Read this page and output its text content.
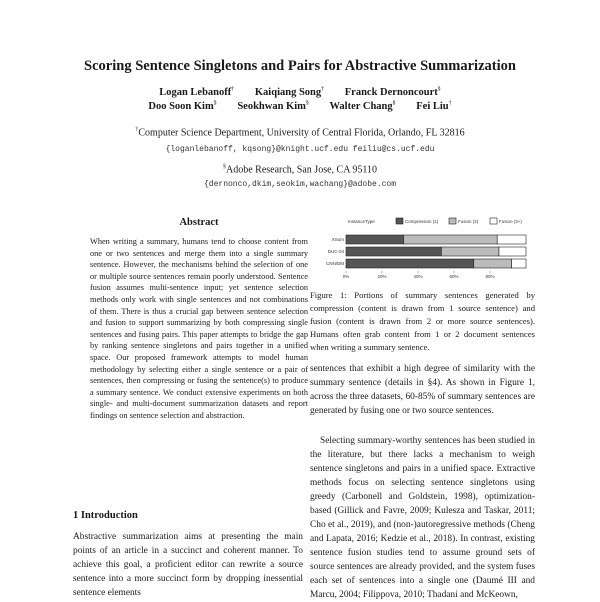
Scoring Sentence Singletons and Pairs for Abstractive Summarization
Logan Lebanoff† Kaiqiang Song† Franck Dernoncourt§
Doo Soon Kim§ Seokhwan Kim§ Walter Chang§ Fei Liu†
†Computer Science Department, University of Central Florida, Orlando, FL 32816
{loganlebanoff, kqsong}@knight.ucf.edu feiliu@cs.ucf.edu
§Adobe Research, San Jose, CA 95110
{dernonco,dkim,seokim,wachang}@adobe.com
Abstract
When writing a summary, humans tend to choose content from one or two sentences and merge them into a single summary sentence. However, the mechanisms behind the selection of one or multiple source sentences remain poorly understood. Sentence fusion assumes multi-sentence input; yet sentence selection methods only work with single sentences and not combinations of them. There is thus a crucial gap between sentence selection and fusion to support summarizing by both compressing single sentences and fusing pairs. This paper attempts to bridge the gap by ranking sentence singletons and pairs together in a unified space. Our proposed framework attempts to model human methodology by selecting either a single sentence or a pair of sentences, then compressing or fusing the sentence(s) to produce a summary sentence. We conduct extensive experiments on both single- and multi-document summarization datasets and report findings on sentence selection and abstraction.
1 Introduction
Abstractive summarization aims at presenting the main points of an article in a succinct and coherent manner. To achieve this goal, a proficient editor can rewrite a source sentence into a more succinct form by dropping inessential sentence elements
InstanceType	Compression (1)	Fusion (2)	Fusion (3+)
XSum
DUC-04
CNN/DM
0%	20%	40%	60%	80%
Figure 1: Portions of summary sentences generated by compression (content is drawn from 1 source sentence) and fusion (content is drawn from 2 or more source sentences). Humans often grab content from 1 or 2 document sentences when writing a summary sentence.
sentences that exhibit a high degree of similarity with the summary sentence (details in §4). As shown in Figure 1, across the three datasets, 60-85% of summary sentences are generated by fusing one or two source sentences.
Selecting summary-worthy sentences has been studied in the literature, but there lacks a mechanism to weigh sentence singletons and pairs in a unified space. Extractive methods focus on selecting sentence singletons using greedy (Carbonell and Goldstein, 1998), optimization-based (Gillick and Favre, 2009; Kulesza and Taskar, 2011; Cho et al., 2019), and (non-)autoregressive methods (Cheng and Lapata, 2016; Kedzie et al., 2018). In contrast, existing sentence fusion studies tend to assume ground sets of source sentences are already provided, and the system fuses each set of sentences into a single one (Daumé III and Marcu, 2004; Filippova, 2010; Thadani and McKeown,
